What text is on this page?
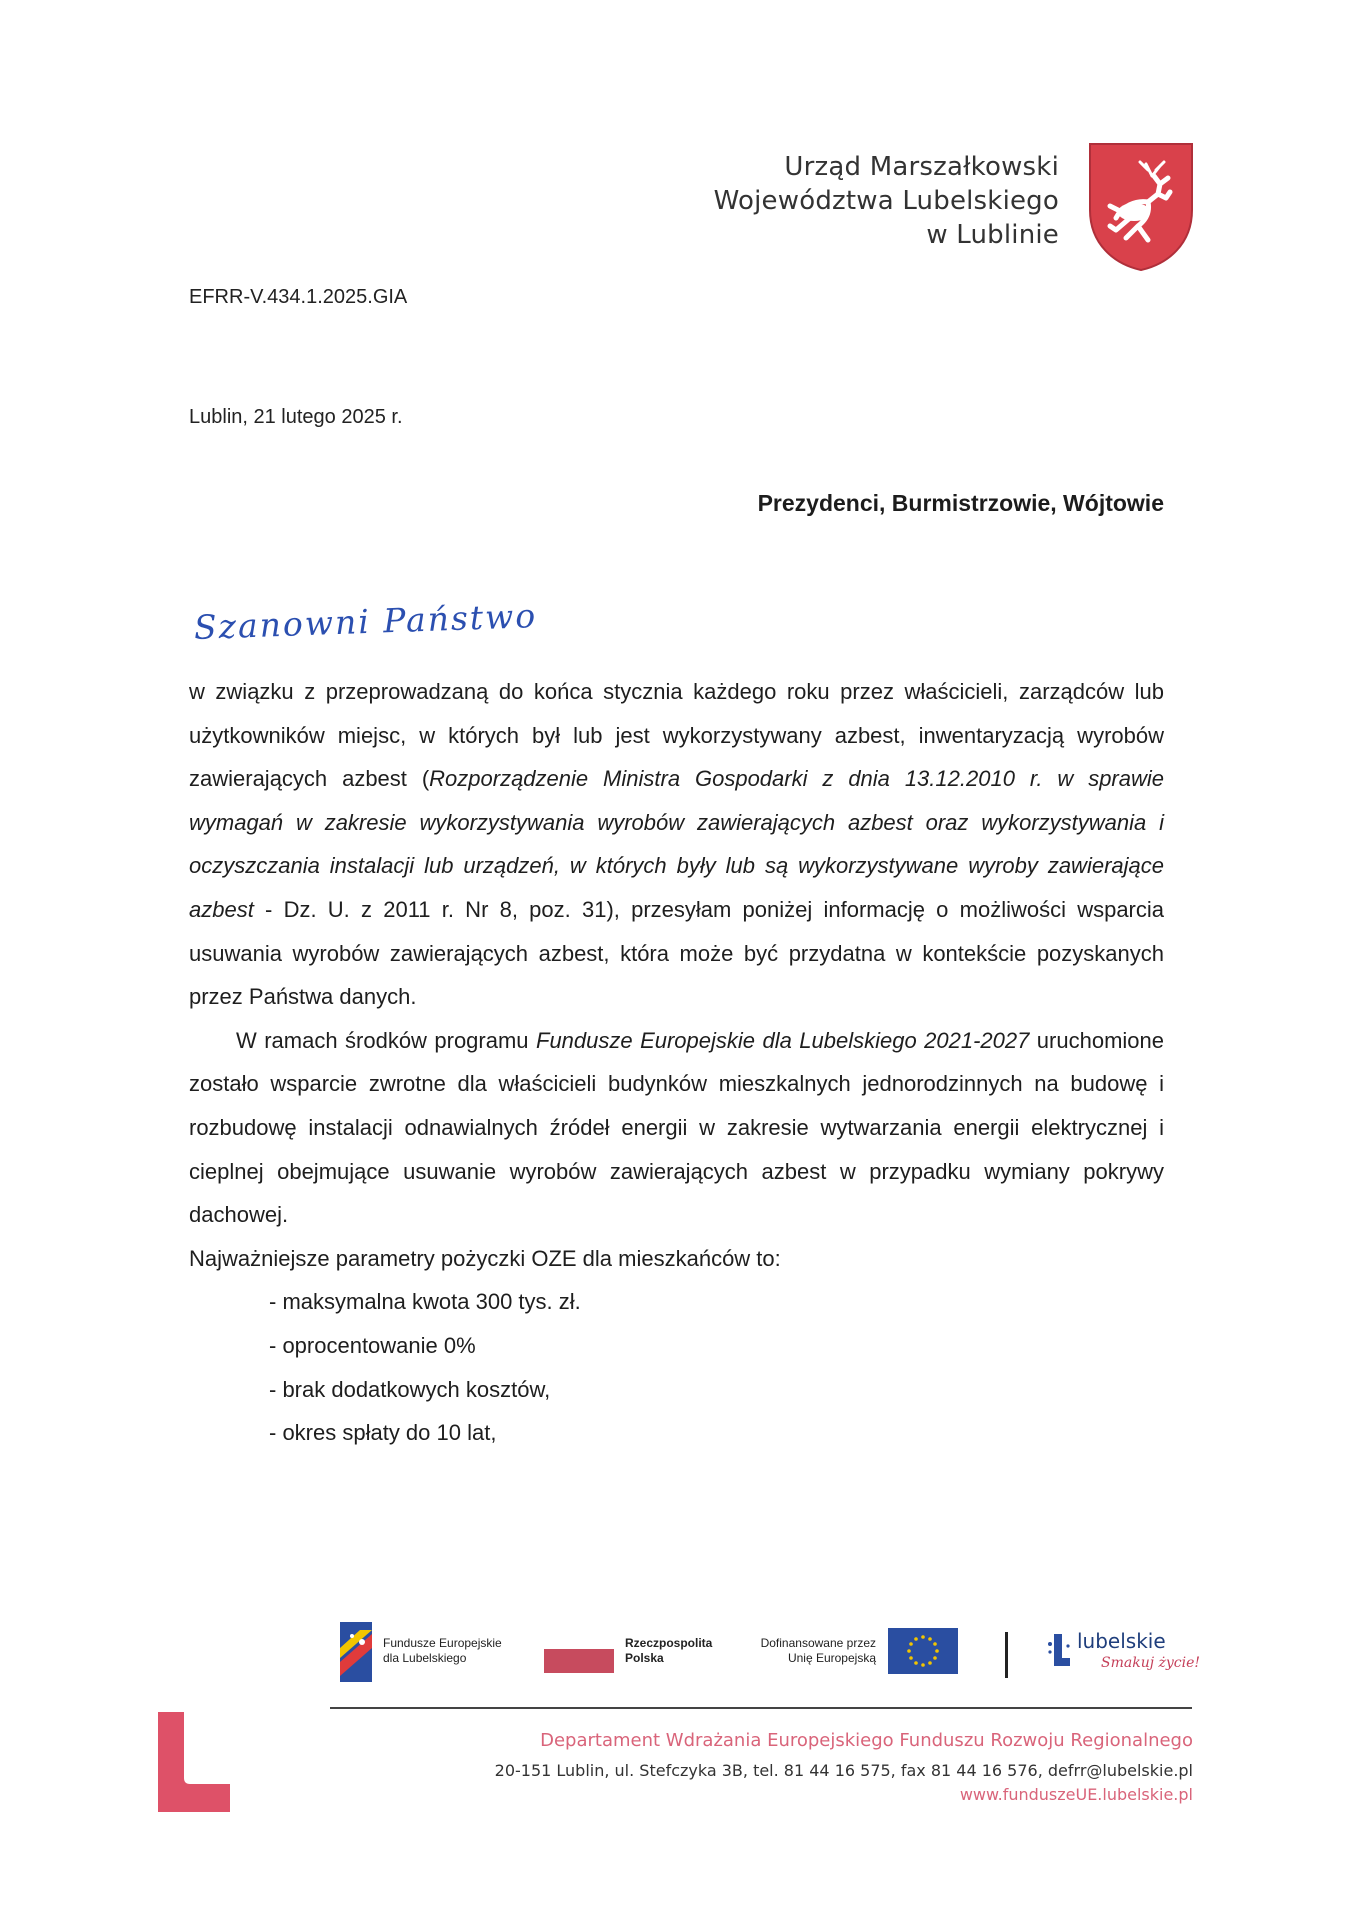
Urząd Marszałkowski
Województwa Lubelskiego
w Lublinie
EFRR-V.434.1.2025.GIA
Lublin, 21 lutego 2025 r.
Prezydenci, Burmistrzowie, Wójtowie
Szanowni Państwo

w związku z przeprowadzaną do końca stycznia każdego roku przez właścicieli, zarządców lub użytkowników miejsc, w których był lub jest wykorzystywany azbest, inwentaryzacją wyrobów zawierających azbest (Rozporządzenie Ministra Gospodarki z dnia 13.12.2010 r. w sprawie wymagań w zakresie wykorzystywania wyrobów zawierających azbest oraz wykorzystywania i oczyszczania instalacji lub urządzeń, w których były lub są wykorzystywane wyroby zawierające azbest - Dz. U. z 2011 r. Nr 8, poz. 31), przesyłam poniżej informację o możliwości wsparcia usuwania wyrobów zawierających azbest, która może być przydatna w kontekście pozyskanych przez Państwa danych.

W ramach środków programu Fundusze Europejskie dla Lubelskiego 2021-2027 uruchomione zostało wsparcie zwrotne dla właścicieli budynków mieszkalnych jednorodzinnych na budowę i rozbudowę instalacji odnawialnych źródeł energii w zakresie wytwarzania energii elektrycznej i cieplnej obejmujące usuwanie wyrobów zawierających azbest w przypadku wymiany pokrywy dachowej.

Najważniejsze parametry pożyczki OZE dla mieszkańców to:

- maksymalna kwota 300 tys. zł.
- oprocentowanie 0%
- brak dodatkowych kosztów,
- okres spłaty do 10 lat,
Fundusze Europejskie
dla Lubelskiego
Rzeczpospolita
Polska
Dofinansowane przez
Unię Europejską
lubelskie
Smakuj życie!
Departament Wdrażania Europejskiego Funduszu Rozwoju Regionalnego
20-151 Lublin, ul. Stefczyka 3B, tel. 81 44 16 575, fax 81 44 16 576, defrr@lubelskie.pl
www.funduszeUE.lubelskie.pl
